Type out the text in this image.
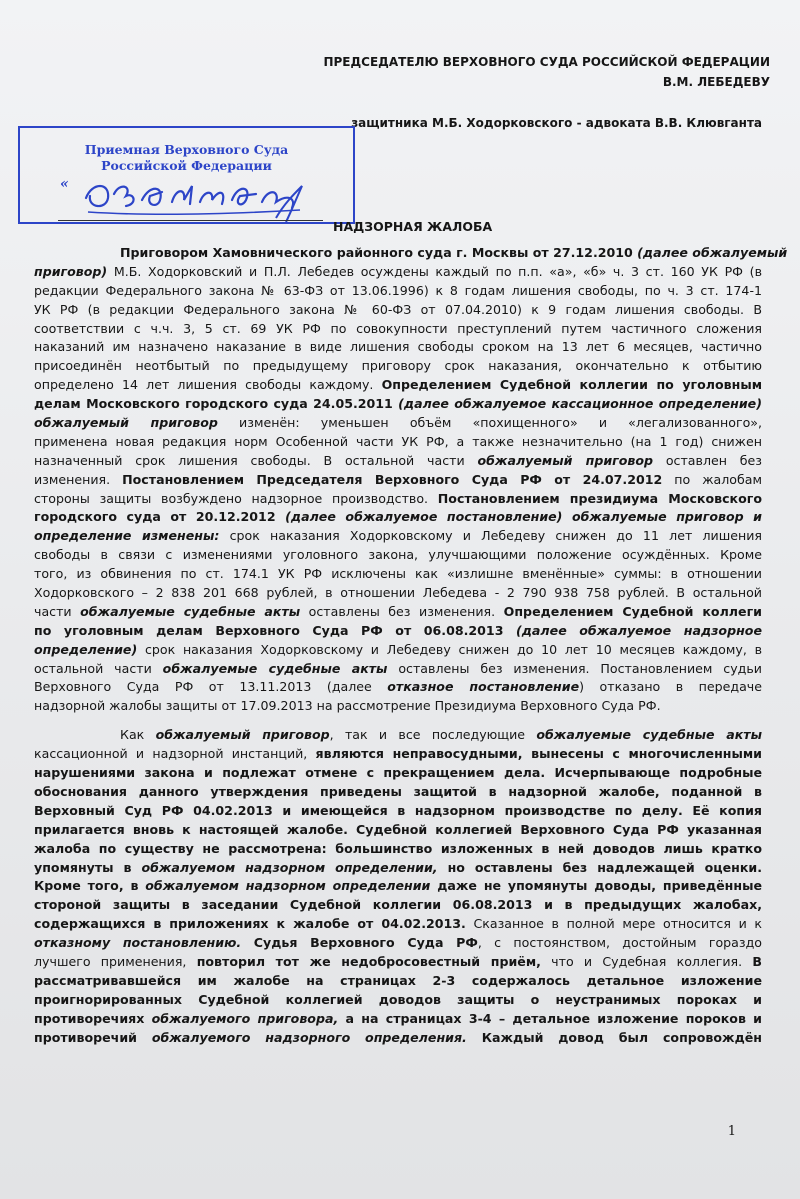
ПРЕДСЕДАТЕЛЮ ВЕРХОВНОГО СУДА РОССИЙСКОЙ ФЕДЕРАЦИИ
В.М. ЛЕБЕДЕВУ
защитника М.Б. Ходорковского - адвоката В.В. Клювганта
Приемная Верховного Суда
Российской Федерации
«
НАДЗОРНАЯ ЖАЛОБА
Приговором Хамовнического районного суда г. Москвы от 27.12.2010 (далее обжалуемый
приговор) М.Б. Ходорковский и П.Л. Лебедев осуждены каждый по п.п. «а», «б» ч. 3 ст. 160 УК РФ (в
редакции Федерального закона № 63-ФЗ от 13.06.1996) к 8 годам лишения свободы, по ч. 3 ст. 174-1
УК РФ (в редакции Федерального закона № 60-ФЗ от 07.04.2010) к 9 годам лишения свободы. В
соответствии с ч.ч. 3, 5 ст. 69 УК РФ по совокупности преступлений путем частичного сложения
наказаний им назначено наказание в виде лишения свободы сроком на 13 лет 6 месяцев, частично
присоединён неотбытый по предыдущему приговору срок наказания, окончательно к отбытию
определено 14 лет лишения свободы каждому. Определением Судебной коллегии по уголовным
делам Московского городского суда 24.05.2011 (далее обжалуемое кассационное определение)
обжалуемый приговор изменён: уменьшен объём «похищенного» и «легализованного»,
применена новая редакция норм Особенной части УК РФ, а также незначительно (на 1 год) снижен
назначенный срок лишения свободы. В остальной части обжалуемый приговор оставлен без
изменения. Постановлением Председателя Верховного Суда РФ от 24.07.2012 по жалобам
стороны защиты возбуждено надзорное производство. Постановлением президиума Московского
городского суда от 20.12.2012 (далее обжалуемое постановление) обжалуемые приговор и
определение изменены: срок наказания Ходорковскому и Лебедеву снижен до 11 лет лишения
свободы в связи с изменениями уголовного закона, улучшающими положение осуждённых. Кроме
того, из обвинения по ст. 174.1 УК РФ исключены как «излишне вменённые» суммы: в отношении
Ходорковского – 2 838 201 668 рублей, в отношении Лебедева - 2 790 938 758 рублей. В остальной
части обжалуемые судебные акты оставлены без изменения. Определением Судебной коллеги
по уголовным делам Верховного Суда РФ от 06.08.2013 (далее обжалуемое надзорное
определение) срок наказания Ходорковскому и Лебедеву снижен до 10 лет 10 месяцев каждому, в
остальной части обжалуемые судебные акты оставлены без изменения. Постановлением судьи
Верховного Суда РФ от 13.11.2013 (далее отказное постановление) отказано в передаче
надзорной жалобы защиты от 17.09.2013 на рассмотрение Президиума Верховного Суда РФ.
Как обжалуемый приговор, так и все последующие обжалуемые судебные акты
кассационной и надзорной инстанций, являются неправосудными, вынесены с многочисленными
нарушениями закона и подлежат отмене с прекращением дела. Исчерпывающе подробные
обоснования данного утверждения приведены защитой в надзорной жалобе, поданной в
Верховный Суд РФ 04.02.2013 и имеющейся в надзорном производстве по делу. Её копия
прилагается вновь к настоящей жалобе. Судебной коллегией Верховного Суда РФ указанная
жалоба по существу не рассмотрена: большинство изложенных в ней доводов лишь кратко
упомянуты в обжалуемом надзорном определении, но оставлены без надлежащей оценки.
Кроме того, в обжалуемом надзорном определении даже не упомянуты доводы, приведённые
стороной защиты в заседании Судебной коллегии 06.08.2013 и в предыдущих жалобах,
содержащихся в приложениях к жалобе от 04.02.2013. Сказанное в полной мере относится и к
отказному постановлению. Судья Верховного Суда РФ, с постоянством, достойным гораздо
лучшего применения, повторил тот же недобросовестный приём, что и Судебная коллегия. В
рассматривавшейся им жалобе на страницах 2-3 содержалось детальное изложение
проигнорированных Судебной коллегией доводов защиты о неустранимых пороках и
противоречиях обжалуемого приговора, а на страницах 3-4 – детальное изложение пороков и
противоречий обжалуемого надзорного определения. Каждый довод был сопровождён
1
